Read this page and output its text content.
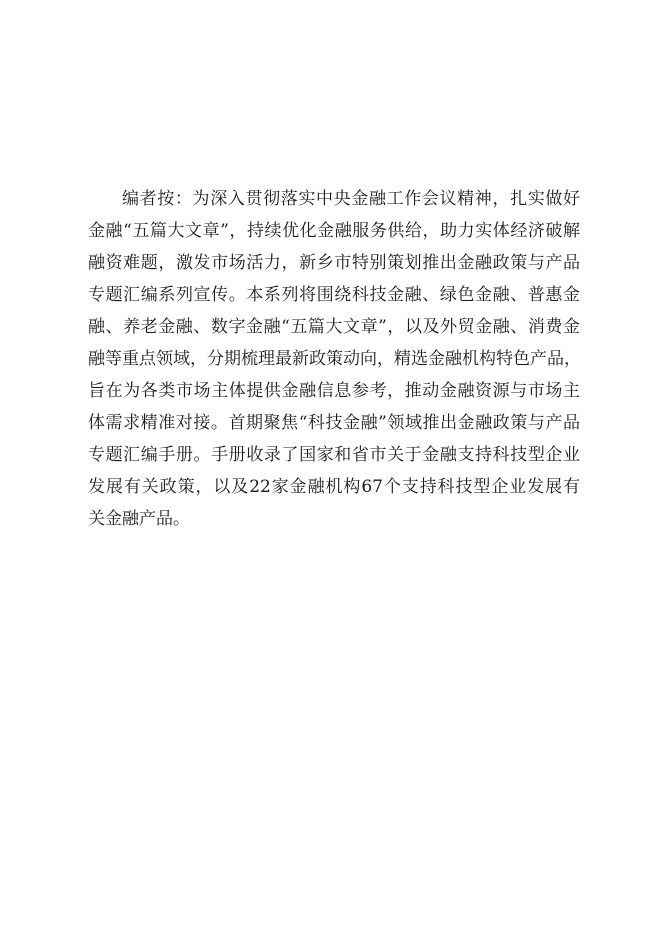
编者按：为深入贯彻落实中央金融工作会议精神，扎实做好
金融“五篇大文章”，持续优化金融服务供给，助力实体经济破解
融资难题，激发市场活力，新乡市特别策划推出金融政策与产品
专题汇编系列宣传。本系列将围绕科技金融、绿色金融、普惠金
融、养老金融、数字金融“五篇大文章”，以及外贸金融、消费金
融等重点领域，分期梳理最新政策动向，精选金融机构特色产品，
旨在为各类市场主体提供金融信息参考，推动金融资源与市场主
体需求精准对接。首期聚焦“科技金融”领域推出金融政策与产品
专题汇编手册。手册收录了国家和省市关于金融支持科技型企业
发展有关政策，以及22家金融机构67个支持科技型企业发展有
关金融产品。
